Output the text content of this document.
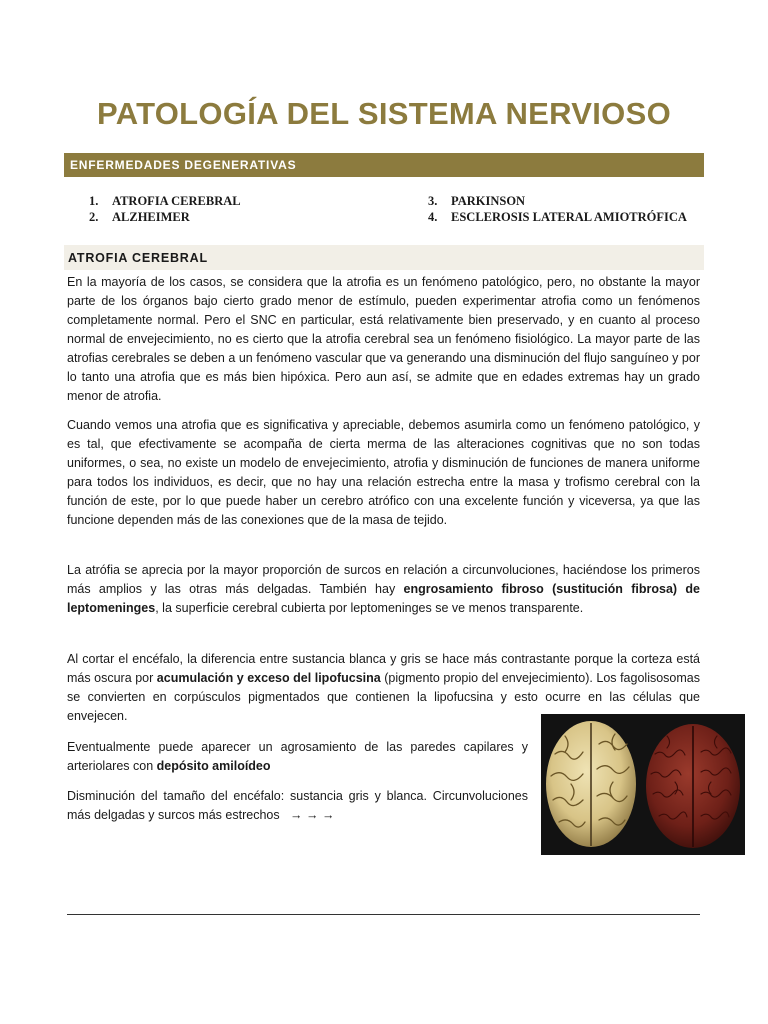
PATOLOGÍA DEL SISTEMA NERVIOSO
ENFERMEDADES DEGENERATIVAS
1. ATROFIA CEREBRAL
2. ALZHEIMER
3. PARKINSON
4. ESCLEROSIS LATERAL AMIOTRÓFICA
ATROFIA CEREBRAL

En la mayoría de los casos, se considera que la atrofia es un fenómeno patológico, pero, no obstante la mayor parte de los órganos bajo cierto grado menor de estímulo, pueden experimentar atrofia como un fenómenos completamente normal. Pero el SNC en particular, está relativamente bien preservado, y en cuanto al proceso normal de envejecimiento, no es cierto que la atrofia cerebral sea un fenómeno fisiológico. La mayor parte de las atrofias cerebrales se deben a un fenómeno vascular que va generando una disminución del flujo sanguíneo y por lo tanto una atrofia que es más bien hipóxica. Pero aun así, se admite que en edades extremas hay un grado menor de atrofia.

Cuando vemos una atrofia que es significativa y apreciable, debemos asumirla como un fenómeno patológico, y es tal, que efectivamente se acompaña de cierta merma de las alteraciones cognitivas que no son todas uniformes, o sea, no existe un modelo de envejecimiento, atrofia y disminución de funciones de manera uniforme para todos los individuos, es decir, que no hay una relación estrecha entre la masa y trofismo cerebral con la función de este, por lo que puede haber un cerebro atrófico con una excelente función y viceversa, ya que las funcione dependen más de las conexiones que de la masa de tejido.

La atrófia se aprecia por la mayor proporción de surcos en relación a circunvoluciones, haciéndose los primeros más amplios y las otras más delgadas. También hay engrosamiento fibroso (sustitución fibrosa) de leptomeninges, la superficie cerebral cubierta por leptomeninges se ve menos transparente.

Al cortar el encéfalo, la diferencia entre sustancia blanca y gris se hace más contrastante porque la corteza está más oscura por acumulación y exceso del lipofucsina (pigmento propio del envejecimiento). Los fagolisosomas se convierten en corpúsculos pigmentados que contienen la lipofucsina y esto ocurre en las células que envejecen.

Eventualmente puede aparecer un agrosamiento de las paredes capilares y arteriolares con depósito amiloídeo

Disminución del tamaño del encéfalo: sustancia gris y blanca. Circunvoluciones más delgadas y surcos más estrechos → → →
